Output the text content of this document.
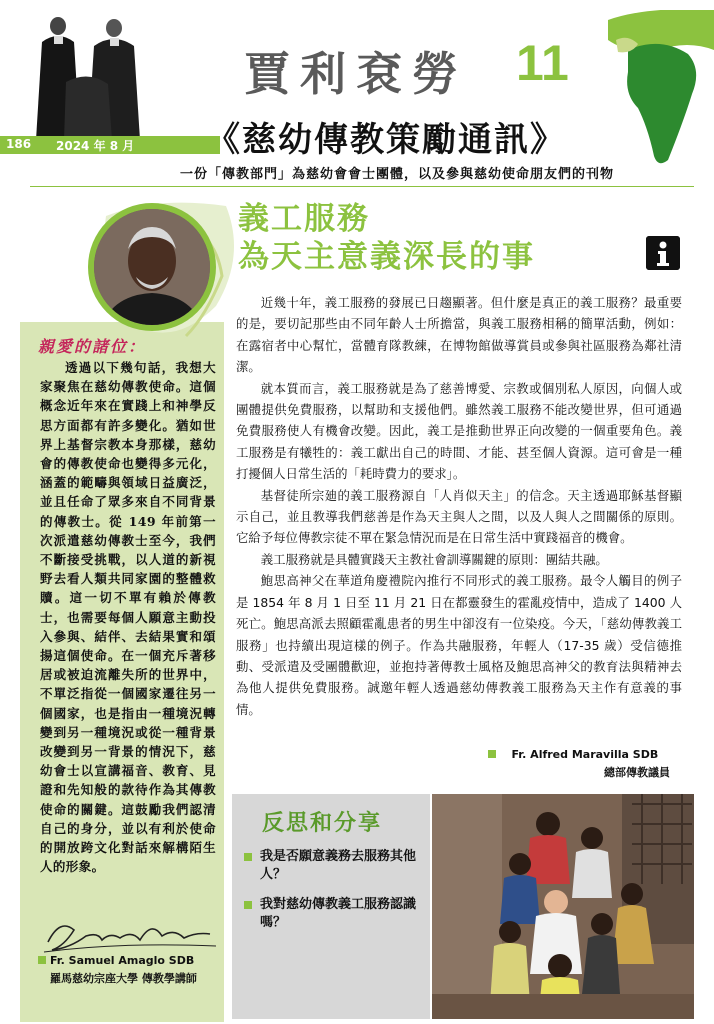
186 2024 年 8 月
賈利袞勞 11
《慈幼傳教策勵通訊》
一份「傳教部門」為慈幼會會士團體，以及參與慈幼使命朋友們的刊物
親愛的諸位：
透過以下幾句話，我想大家聚焦在慈幼傳教使命。這個概念近年來在實踐上和神學反思方面都有許多變化。猶如世界上基督宗教本身那樣，慈幼會的傳教使命也變得多元化，涵蓋的範疇與領域日益廣泛，並且任命了眾多來自不同背景的傳教士。從 149 年前第一次派遣慈幼傳教士至今，我們不斷接受挑戰，以人道的新視野去看人類共同家園的整體救贖。這一切不單有賴於傳教士，也需要每個人願意主動投入參與、結伴、去結果實和頌揚這個使命。在一個充斥著移居或被迫流離失所的世界中，不單泛指從一個國家遷往另一個國家，也是指由一種境況轉變到另一種境況或從一種背景改變到另一背景的情況下，慈幼會士以宣講福音、教育、見證和先知般的款待作為其傳教使命的關鍵。這鼓勵我們認清自己的身分，並以有利於使命的開放跨文化對話來解構陌生人的形象。
Fr. Samuel Amaglo SDB
羅馬慈幼宗座大學 傳教學講師
義工服務
為天主意義深長的事

近幾十年，義工服務的發展已日趨顯著。但什麼是真正的義工服務？最重要的是，要切記那些由不同年齡人士所擔當，與義工服務相稱的簡單活動，例如：在露宿者中心幫忙，當體育隊教練，在博物館做導賞員或參與社區服務為鄰社清潔。

就本質而言，義工服務就是為了慈善博愛、宗教或個別私人原因，向個人或團體提供免費服務，以幫助和支援他們。雖然義工服務不能改變世界，但可通過免費服務使人有機會改變。因此，義工是推動世界正向改變的一個重要角色。義工服務是有犧牲的：義工獻出自己的時間、才能、甚至個人資源。這可會是一種打擾個人日常生活的「耗時費力的要求」。

基督徒所宗廸的義工服務源自「人肖似天主」的信念。天主透過耶穌基督顯示自己，並且教導我們慈善是作為天主與人之間，以及人與人之間關係的原則。它給予每位傳教宗徒不單在緊急情況而是在日常生活中實踐福音的機會。

義工服務就是具體實踐天主教社會訓導關鍵的原則：團結共融。

鮑思高神父在華道角慶禮院內推行不同形式的義工服務。最令人觸目的例子是 1854 年 8 月 1 日至 11 月 21 日在都靈發生的霍亂疫情中，造成了 1400 人死亡。鮑思高派去照顧霍亂患者的男生中卻沒有一位染疫。今天，「慈幼傳教義工服務」也持續出現這樣的例子。作為共融服務，年輕人（17-35 歲）受信德推動、受派遣及受團體歡迎，並抱持著傳教士風格及鮑思高神父的教育法與精神去為他人提供免費服務。誠邀年輕人透過慈幼傳教義工服務為天主作有意義的事情。

Fr. Alfred Maravilla SDB
總部傳教議員
反思和分享
我是否願意義務去服務其他人？
我對慈幼傳教義工服務認識嗎？
